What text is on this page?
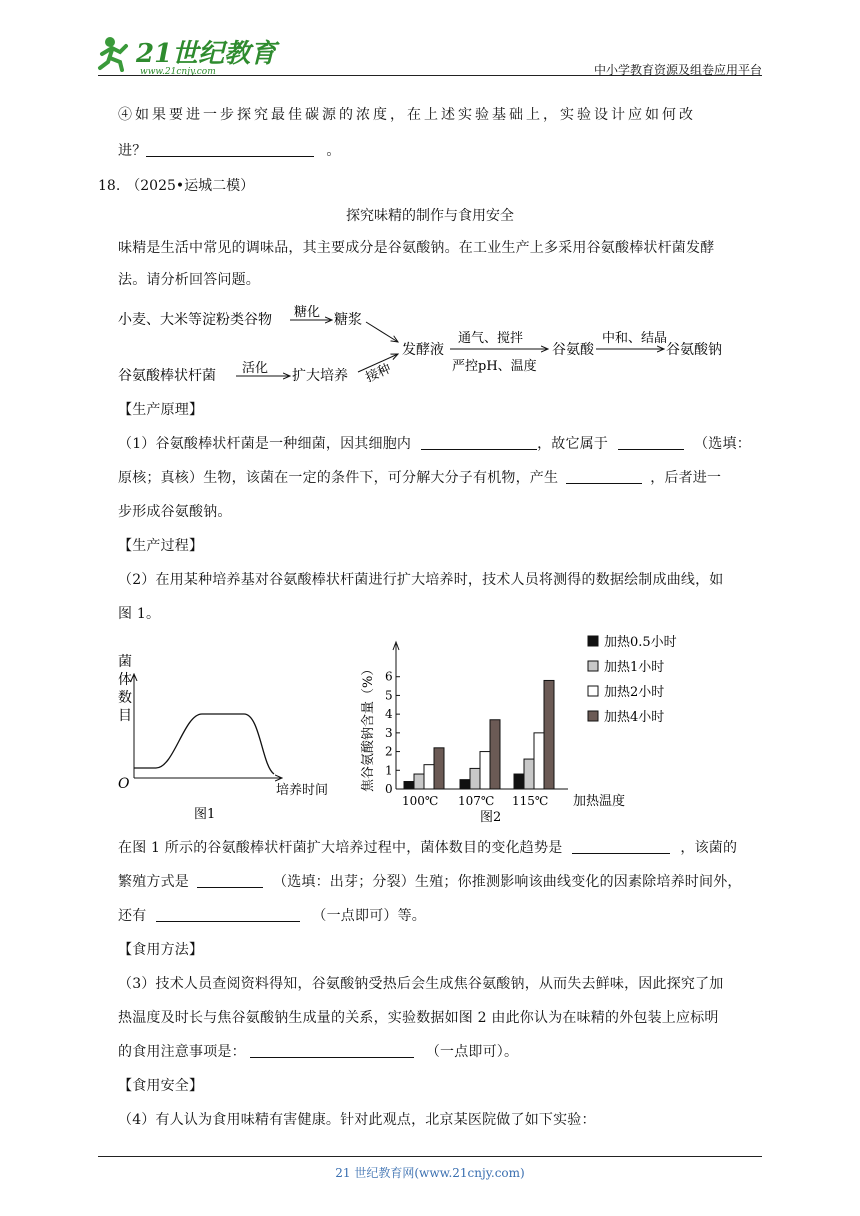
21世纪教育
www.21cnjy.com	中小学教育资源及组卷应用平台
④如果要进一步探究最佳碳源的浓度，在上述实验基础上，实验设计应如何改
进？	。
18. （2025•运城二模）
探究味精的制作与食用安全
味精是生活中常见的调味品，其主要成分是谷氨酸钠。在工业生产上多采用谷氨酸棒状杆菌发酵
法。请分析回答问题。
小麦、大米等淀粉类谷物 糖化 糖浆
谷氨酸棒状杆菌 活化 扩大培养 接种
发酵液
通气、搅拌
严控pH、温度
谷氨酸
中和、结晶
谷氨酸钠
【生产原理】
（1）谷氨酸棒状杆菌是一种细菌，因其细胞内	，故它属于	（选填：
原核；真核）生物，该菌在一定的条件下，可分解大分子有机物，产生	，后者进一
步形成谷氨酸钠。
【生产过程】
（2）在用某种培养基对谷氨酸棒状杆菌进行扩大培养时，技术人员将测得的数据绘制成曲线，如
图 1。
菌
体
数
目
O	培养时间
图1
焦谷氨酸钠含量（%） 0
1
2
3
4
5
6
100℃ 107℃ 115℃
加热0.5小时
加热1小时
加热2小时
加热4小时
加热温度
图2
在图 1 所示的谷氨酸棒状杆菌扩大培养过程中，菌体数目的变化趋势是	，该菌的
繁殖方式是	（选填：出芽；分裂）生殖；你推测影响该曲线变化的因素除培养时间外，
还有	（一点即可）等。
【食用方法】
（3）技术人员查阅资料得知，谷氨酸钠受热后会生成焦谷氨酸钠，从而失去鲜味，因此探究了加
热温度及时长与焦谷氨酸钠生成量的关系，实验数据如图 2 由此你认为在味精的外包装上应标明
的食用注意事项是：	（一点即可）。
【食用安全】
（4）有人认为食用味精有害健康。针对此观点，北京某医院做了如下实验：
21 世纪教育网(www.21cnjy.com)
